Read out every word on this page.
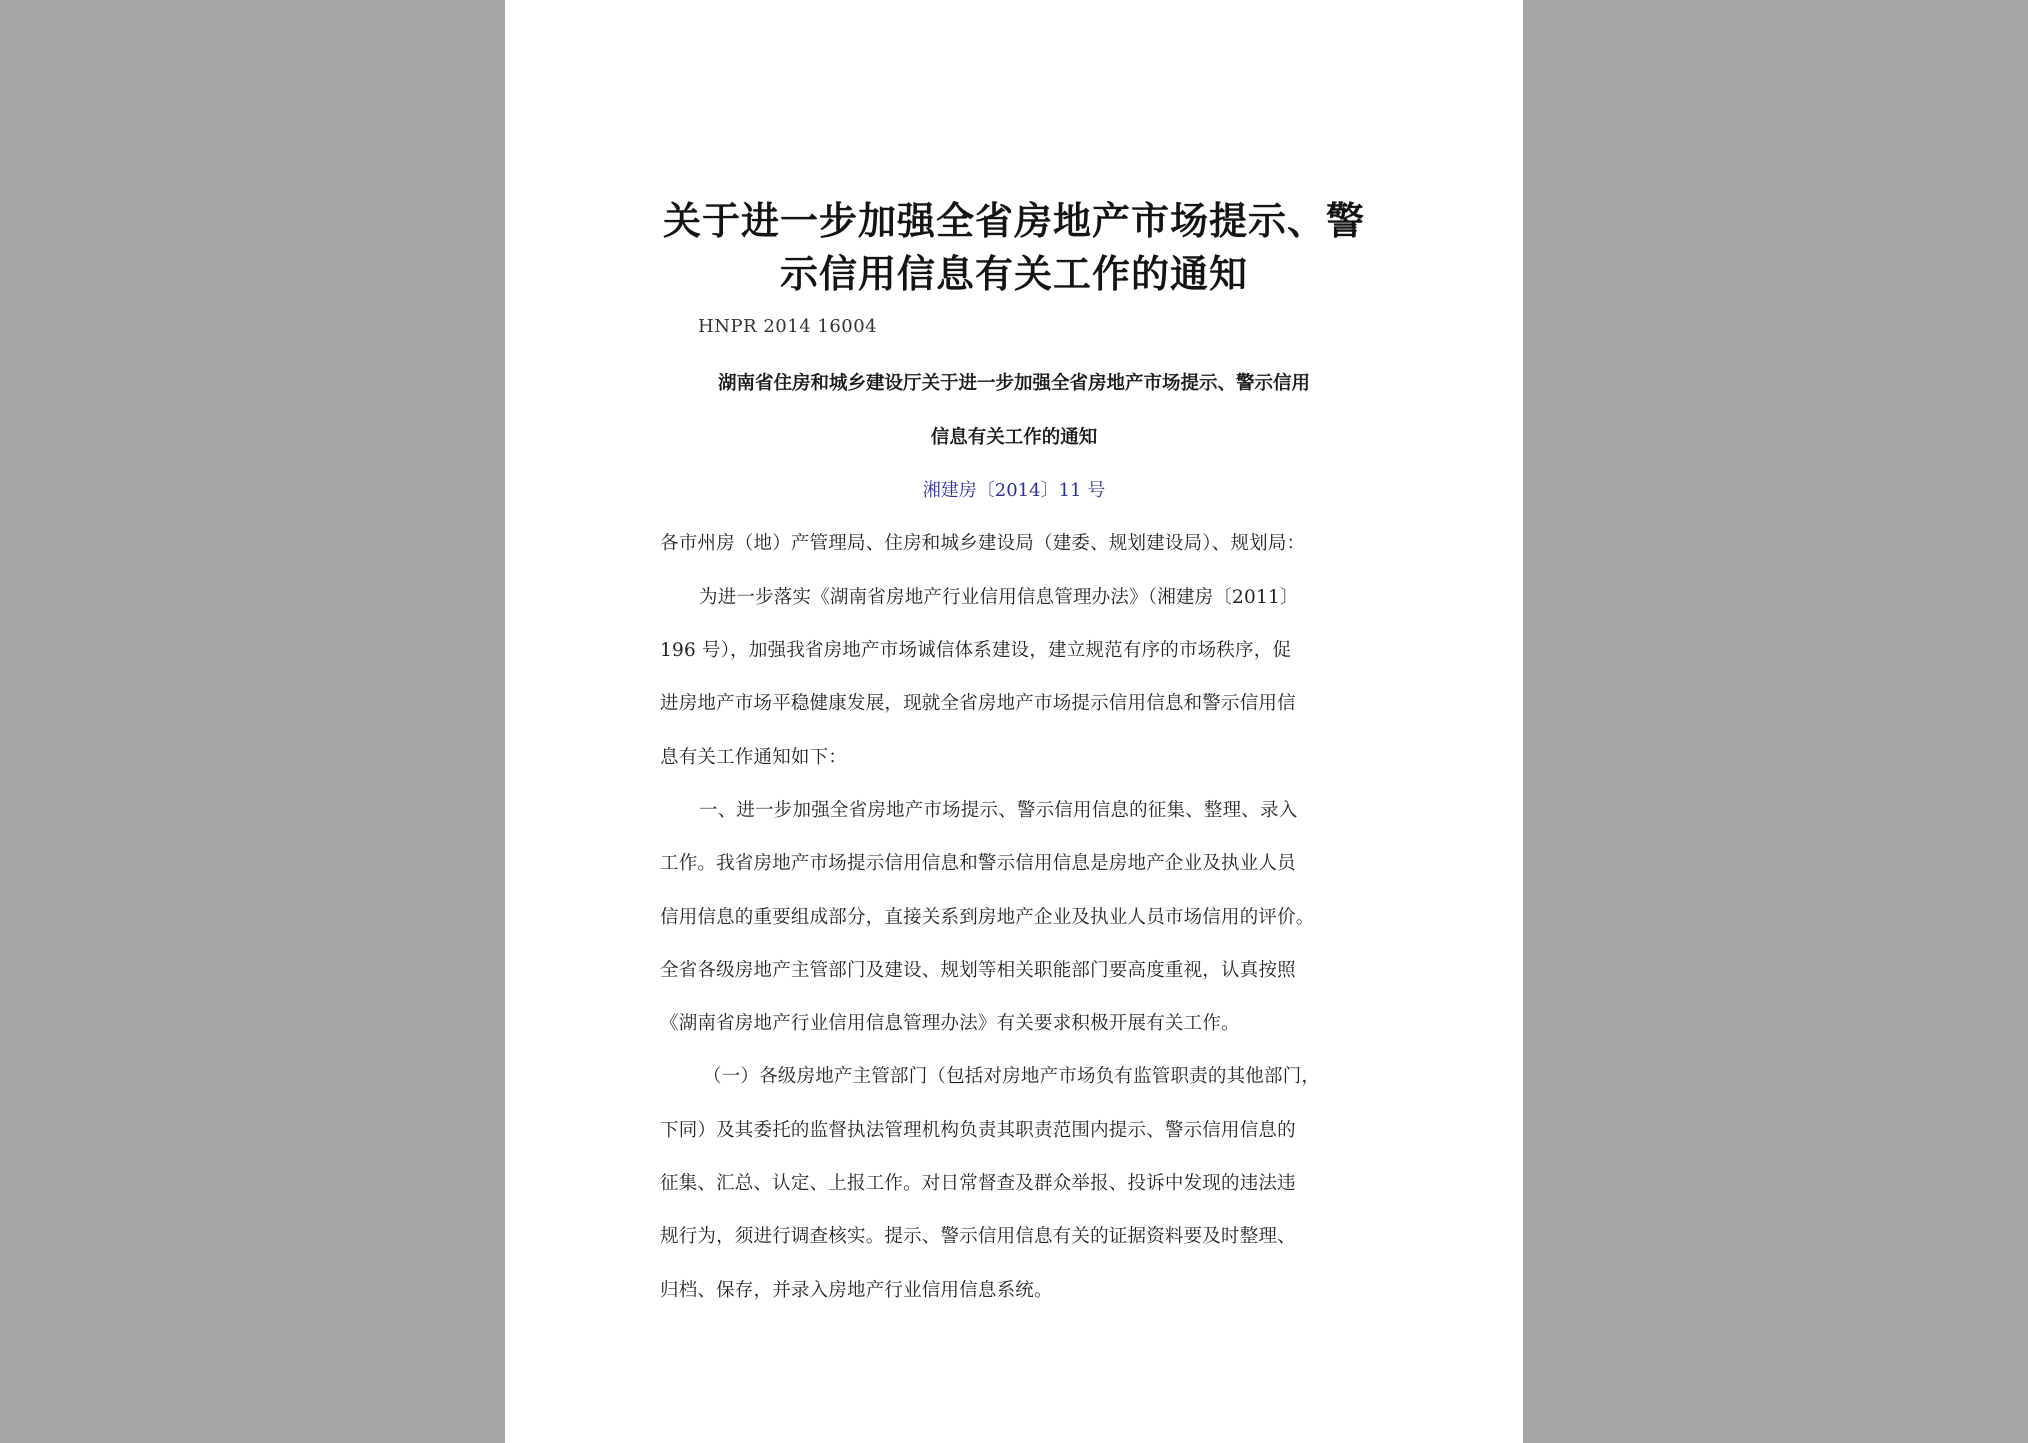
关于进一步加强全省房地产市场提示、警
示信用信息有关工作的通知
HNPR 2014 16004
湖南省住房和城乡建设厅关于进一步加强全省房地产市场提示、警示信用
信息有关工作的通知
湘建房〔2014〕11 号
各市州房（地）产管理局、住房和城乡建设局（建委、规划建设局）、规划局：
为进一步落实《湖南省房地产行业信用信息管理办法》（湘建房〔2011〕
196 号），加强我省房地产市场诚信体系建设，建立规范有序的市场秩序，促
进房地产市场平稳健康发展，现就全省房地产市场提示信用信息和警示信用信
息有关工作通知如下：
一、进一步加强全省房地产市场提示、警示信用信息的征集、整理、录入
工作。我省房地产市场提示信用信息和警示信用信息是房地产企业及执业人员
信用信息的重要组成部分，直接关系到房地产企业及执业人员市场信用的评价。
全省各级房地产主管部门及建设、规划等相关职能部门要高度重视，认真按照
《湖南省房地产行业信用信息管理办法》有关要求积极开展有关工作。
（一）各级房地产主管部门（包括对房地产市场负有监管职责的其他部门，
下同）及其委托的监督执法管理机构负责其职责范围内提示、警示信用信息的
征集、汇总、认定、上报工作。对日常督查及群众举报、投诉中发现的违法违
规行为，须进行调查核实。提示、警示信用信息有关的证据资料要及时整理、
归档、保存，并录入房地产行业信用信息系统。
